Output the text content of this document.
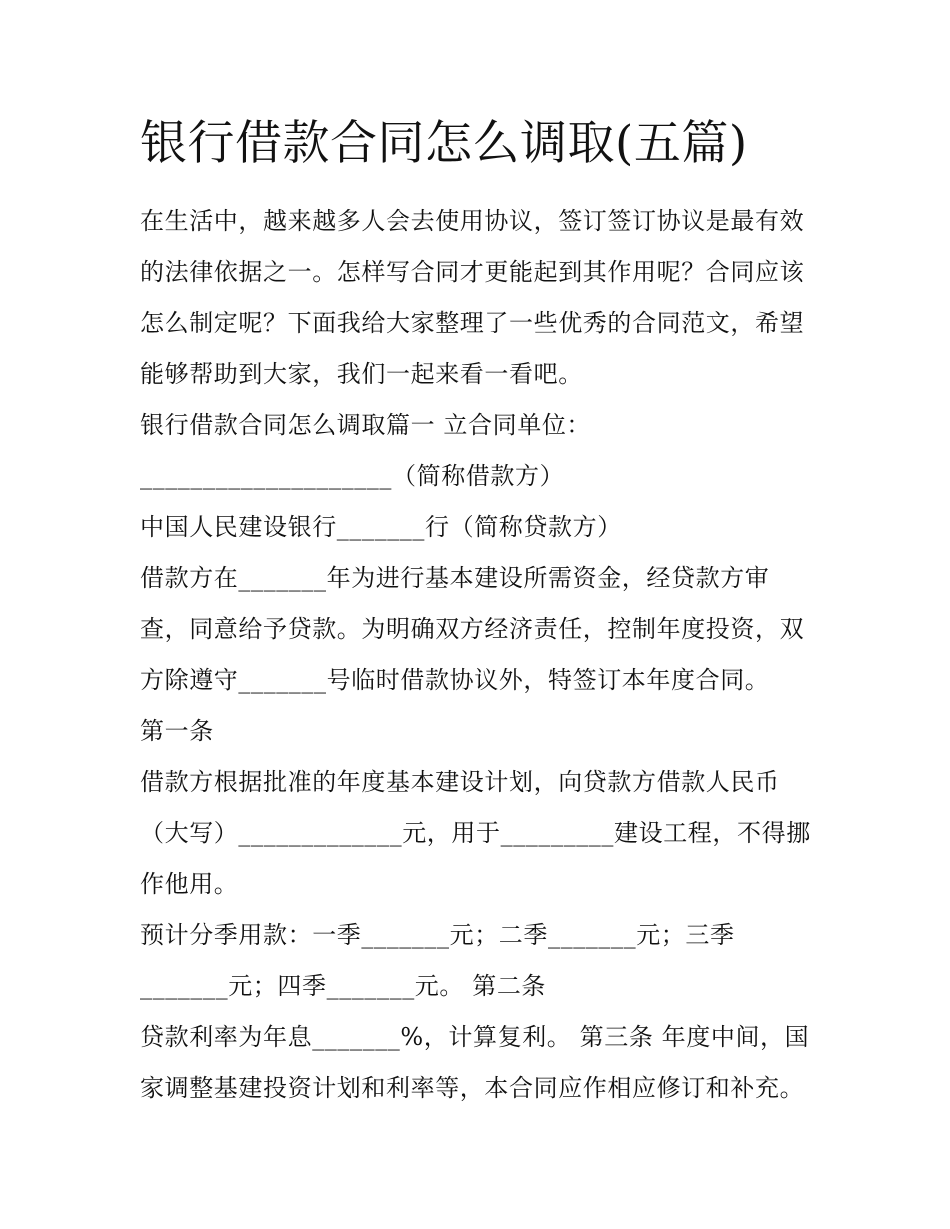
银行借款合同怎么调取(五篇)
在生活中，越来越多人会去使用协议，签订签订协议是最有效
的法律依据之一。怎样写合同才更能起到其作用呢？合同应该
怎么制定呢？下面我给大家整理了一些优秀的合同范文，希望
能够帮助到大家，我们一起来看一看吧。
银行借款合同怎么调取篇一 立合同单位：
____________________（简称借款方）
中国人民建设银行_______行（简称贷款方）
借款方在_______年为进行基本建设所需资金，经贷款方审
查，同意给予贷款。为明确双方经济责任，控制年度投资，双
方除遵守_______号临时借款协议外，特签订本年度合同。
第一条
借款方根据批准的年度基本建设计划，向贷款方借款人民币
（大写）_____________元，用于_________建设工程，不得挪
作他用。
预计分季用款：一季_______元；二季_______元；三季
_______元；四季_______元。 第二条
贷款利率为年息_______%，计算复利。 第三条 年度中间，国
家调整基建投资计划和利率等，本合同应作相应修订和补充。
